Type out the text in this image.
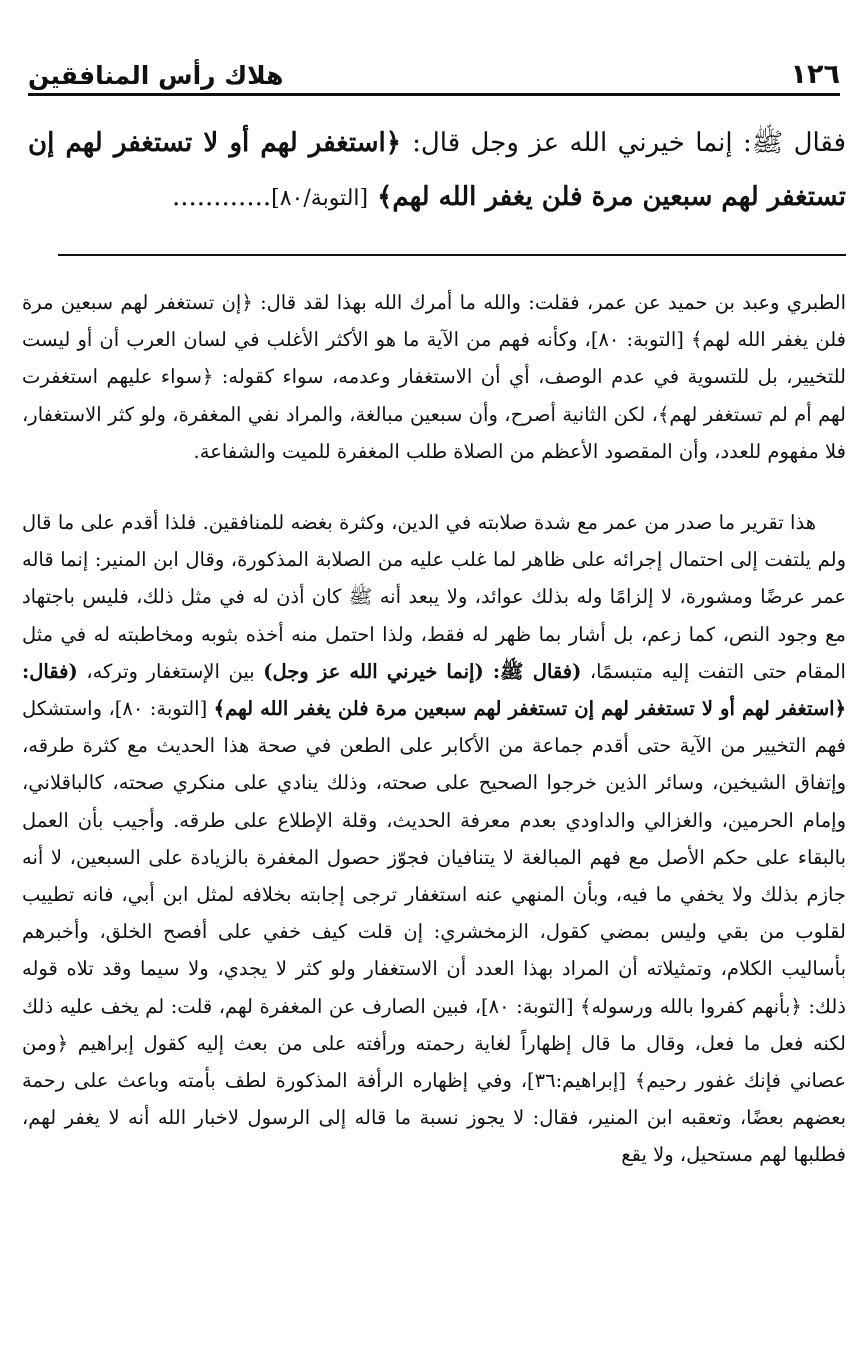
١٢٦
هلاك رأس المنافقين
فقال ﷺ: إنما خيرني الله عز وجل قال: ﴿استغفر لهم أو لا تستغفر لهم إن تستغفر لهم سبعين مرة فلن يغفر الله لهم﴾ [التوبة/٨٠]............

الطبري وعبد بن حميد عن عمر، فقلت: والله ما أمرك الله بهذا لقد قال: ﴿إن تستغفر لهم سبعين مرة فلن يغفر الله لهم﴾ [التوبة: ٨٠]، وكأنه فهم من الآية ما هو الأكثر الأغلب في لسان العرب أن أو ليست للتخيير، بل للتسوية في عدم الوصف، أي أن الاستغفار وعدمه، سواء كقوله: ﴿سواء عليهم استغفرت لهم أم لم تستغفر لهم﴾، لكن الثانية أصرح، وأن سبعين مبالغة، والمراد نفي المغفرة، ولو كثر الاستغفار، فلا مفهوم للعدد، وأن المقصود الأعظم من الصلاة طلب المغفرة للميت والشفاعة.

هذا تقرير ما صدر من عمر مع شدة صلابته في الدين، وكثرة بغضه للمنافقين. فلذا أقدم على ما قال ولم يلتفت إلى احتمال إجرائه على ظاهر لما غلب عليه من الصلابة المذكورة، وقال ابن المنير: إنما قاله عمر عرضًا ومشورة، لا إلزامًا وله بذلك عوائد، ولا يبعد أنه ﷺ كان أذن له في مثل ذلك، فليس باجتهاد مع وجود النص، كما زعم، بل أشار بما ظهر له فقط، ولذا احتمل منه أخذه بثوبه ومخاطبته له في مثل المقام حتى التفت إليه متبسمًا، (فقال ﷺ: (إنما خيرني الله عز وجل) بين الإستغفار وتركه، (فقال: ﴿استغفر لهم أو لا تستغفر لهم إن تستغفر لهم سبعين مرة فلن يغفر الله لهم﴾ [التوبة: ٨٠]، واستشكل فهم التخيير من الآية حتى أقدم جماعة من الأكابر على الطعن في صحة هذا الحديث مع كثرة طرقه، وإتفاق الشيخين، وسائر الذين خرجوا الصحيح على صحته، وذلك ينادي على منكري صحته، كالباقلاني، وإمام الحرمين، والغزالي والداودي بعدم معرفة الحديث، وقلة الإطلاع على طرقه. وأجيب بأن العمل بالبقاء على حكم الأصل مع فهم المبالغة لا يتنافيان فجوّز حصول المغفرة بالزيادة على السبعين، لا أنه جازم بذلك ولا يخفي ما فيه، وبأن المنهي عنه استغفار ترجى إجابته بخلافه لمثل ابن أبي، فانه تطييب لقلوب من بقي وليس بمضي كقول، الزمخشري: إن قلت كيف خفي على أفصح الخلق، وأخبرهم بأساليب الكلام، وتمثيلاته أن المراد بهذا العدد أن الاستغفار ولو كثر لا يجدي، ولا سيما وقد تلاه قوله ذلك: ﴿بأنهم كفروا بالله ورسوله﴾ [التوبة: ٨٠]، فبين الصارف عن المغفرة لهم، قلت: لم يخف عليه ذلك لكنه فعل ما فعل، وقال ما قال إظهاراً لغاية رحمته ورأفته على من بعث إليه كقول إبراهيم ﴿ومن عصاني فإنك غفور رحيم﴾ [إبراهيم:٣٦]، وفي إظهاره الرأفة المذكورة لطف بأمته وباعث على رحمة بعضهم بعضًا، وتعقبه ابن المنير، فقال: لا يجوز نسبة ما قاله إلى الرسول لاخبار الله أنه لا يغفر لهم، فطلبها لهم مستحيل، ولا يقع
